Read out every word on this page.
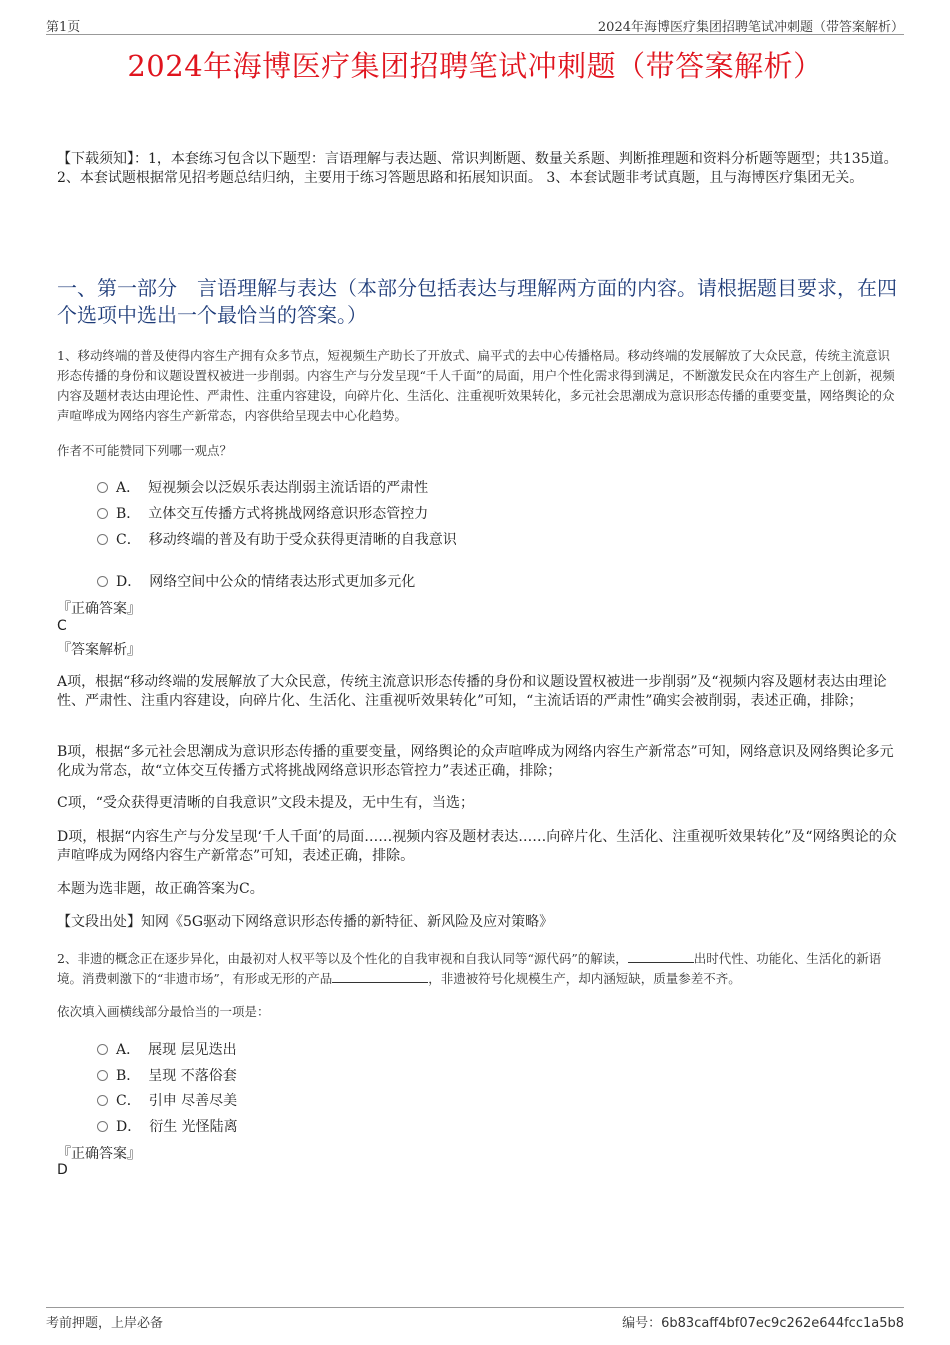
第1页	2024年海博医疗集团招聘笔试冲刺题（带答案解析）
2024年海博医疗集团招聘笔试冲刺题（带答案解析）
【下载须知】：1，本套练习包含以下题型：言语理解与表达题、常识判断题、数量关系题、判断推理题和资料分析题等题型；共135道。 2、本套试题根据常见招考题总结归纳，主要用于练习答题思路和拓展知识面。 3、本套试题非考试真题，且与海博医疗集团无关。
一、第一部分　言语理解与表达（本部分包括表达与理解两方面的内容。请根据题目要求，在四个选项中选出一个最恰当的答案。）
1、移动终端的普及使得内容生产拥有众多节点，短视频生产助长了开放式、扁平式的去中心传播格局。移动终端的发展解放了大众民意，传统主流意识形态传播的身份和议题设置权被进一步削弱。内容生产与分发呈现“千人千面”的局面，用户个性化需求得到满足，不断激发民众在内容生产上创新，视频内容及题材表达由理论性、严肃性、注重内容建设，向碎片化、生活化、注重视听效果转化，多元社会思潮成为意识形态传播的重要变量，网络舆论的众声喧哗成为网络内容生产新常态，内容供给呈现去中心化趋势。
作者不可能赞同下列哪一观点？
A． 短视频会以泛娱乐表达削弱主流话语的严肃性
B． 立体交互传播方式将挑战网络意识形态管控力
C． 移动终端的普及有助于受众获得更清晰的自我意识
D． 网络空间中公众的情绪表达形式更加多元化
『正确答案』
C
『答案解析』
A项，根据“移动终端的发展解放了大众民意，传统主流意识形态传播的身份和议题设置权被进一步削弱”及“视频内容及题材表达由理论性、严肃性、注重内容建设，向碎片化、生活化、注重视听效果转化”可知，“主流话语的严肃性”确实会被削弱，表述正确，排除；
B项，根据“多元社会思潮成为意识形态传播的重要变量，网络舆论的众声喧哗成为网络内容生产新常态”可知，网络意识及网络舆论多元化成为常态，故“立体交互传播方式将挑战网络意识形态管控力”表述正确，排除；
C项，“受众获得更清晰的自我意识”文段未提及，无中生有，当选；
D项，根据“内容生产与分发呈现‘千人千面’的局面……视频内容及题材表达……向碎片化、生活化、注重视听效果转化”及“网络舆论的众声喧哗成为网络内容生产新常态”可知，表述正确，排除。
本题为选非题，故正确答案为C。
【文段出处】知网《5G驱动下网络意识形态传播的新特征、新风险及应对策略》
2、非遗的概念正在逐步异化，由最初对人权平等以及个性化的自我审视和自我认同等“源代码”的解读，	出时代性、功能化、生活化的新语境。消费刺激下的“非遗市场”，有形或无形的产品	，非遗被符号化规模生产，却内涵短缺，质量参差不齐。
依次填入画横线部分最恰当的一项是：
A． 展现 层见迭出
B． 呈现 不落俗套
C． 引申 尽善尽美
D． 衍生 光怪陆离
『正确答案』
D
考前押题，上岸必备	编号：6b83caff4bf07ec9c262e644fcc1a5b8
